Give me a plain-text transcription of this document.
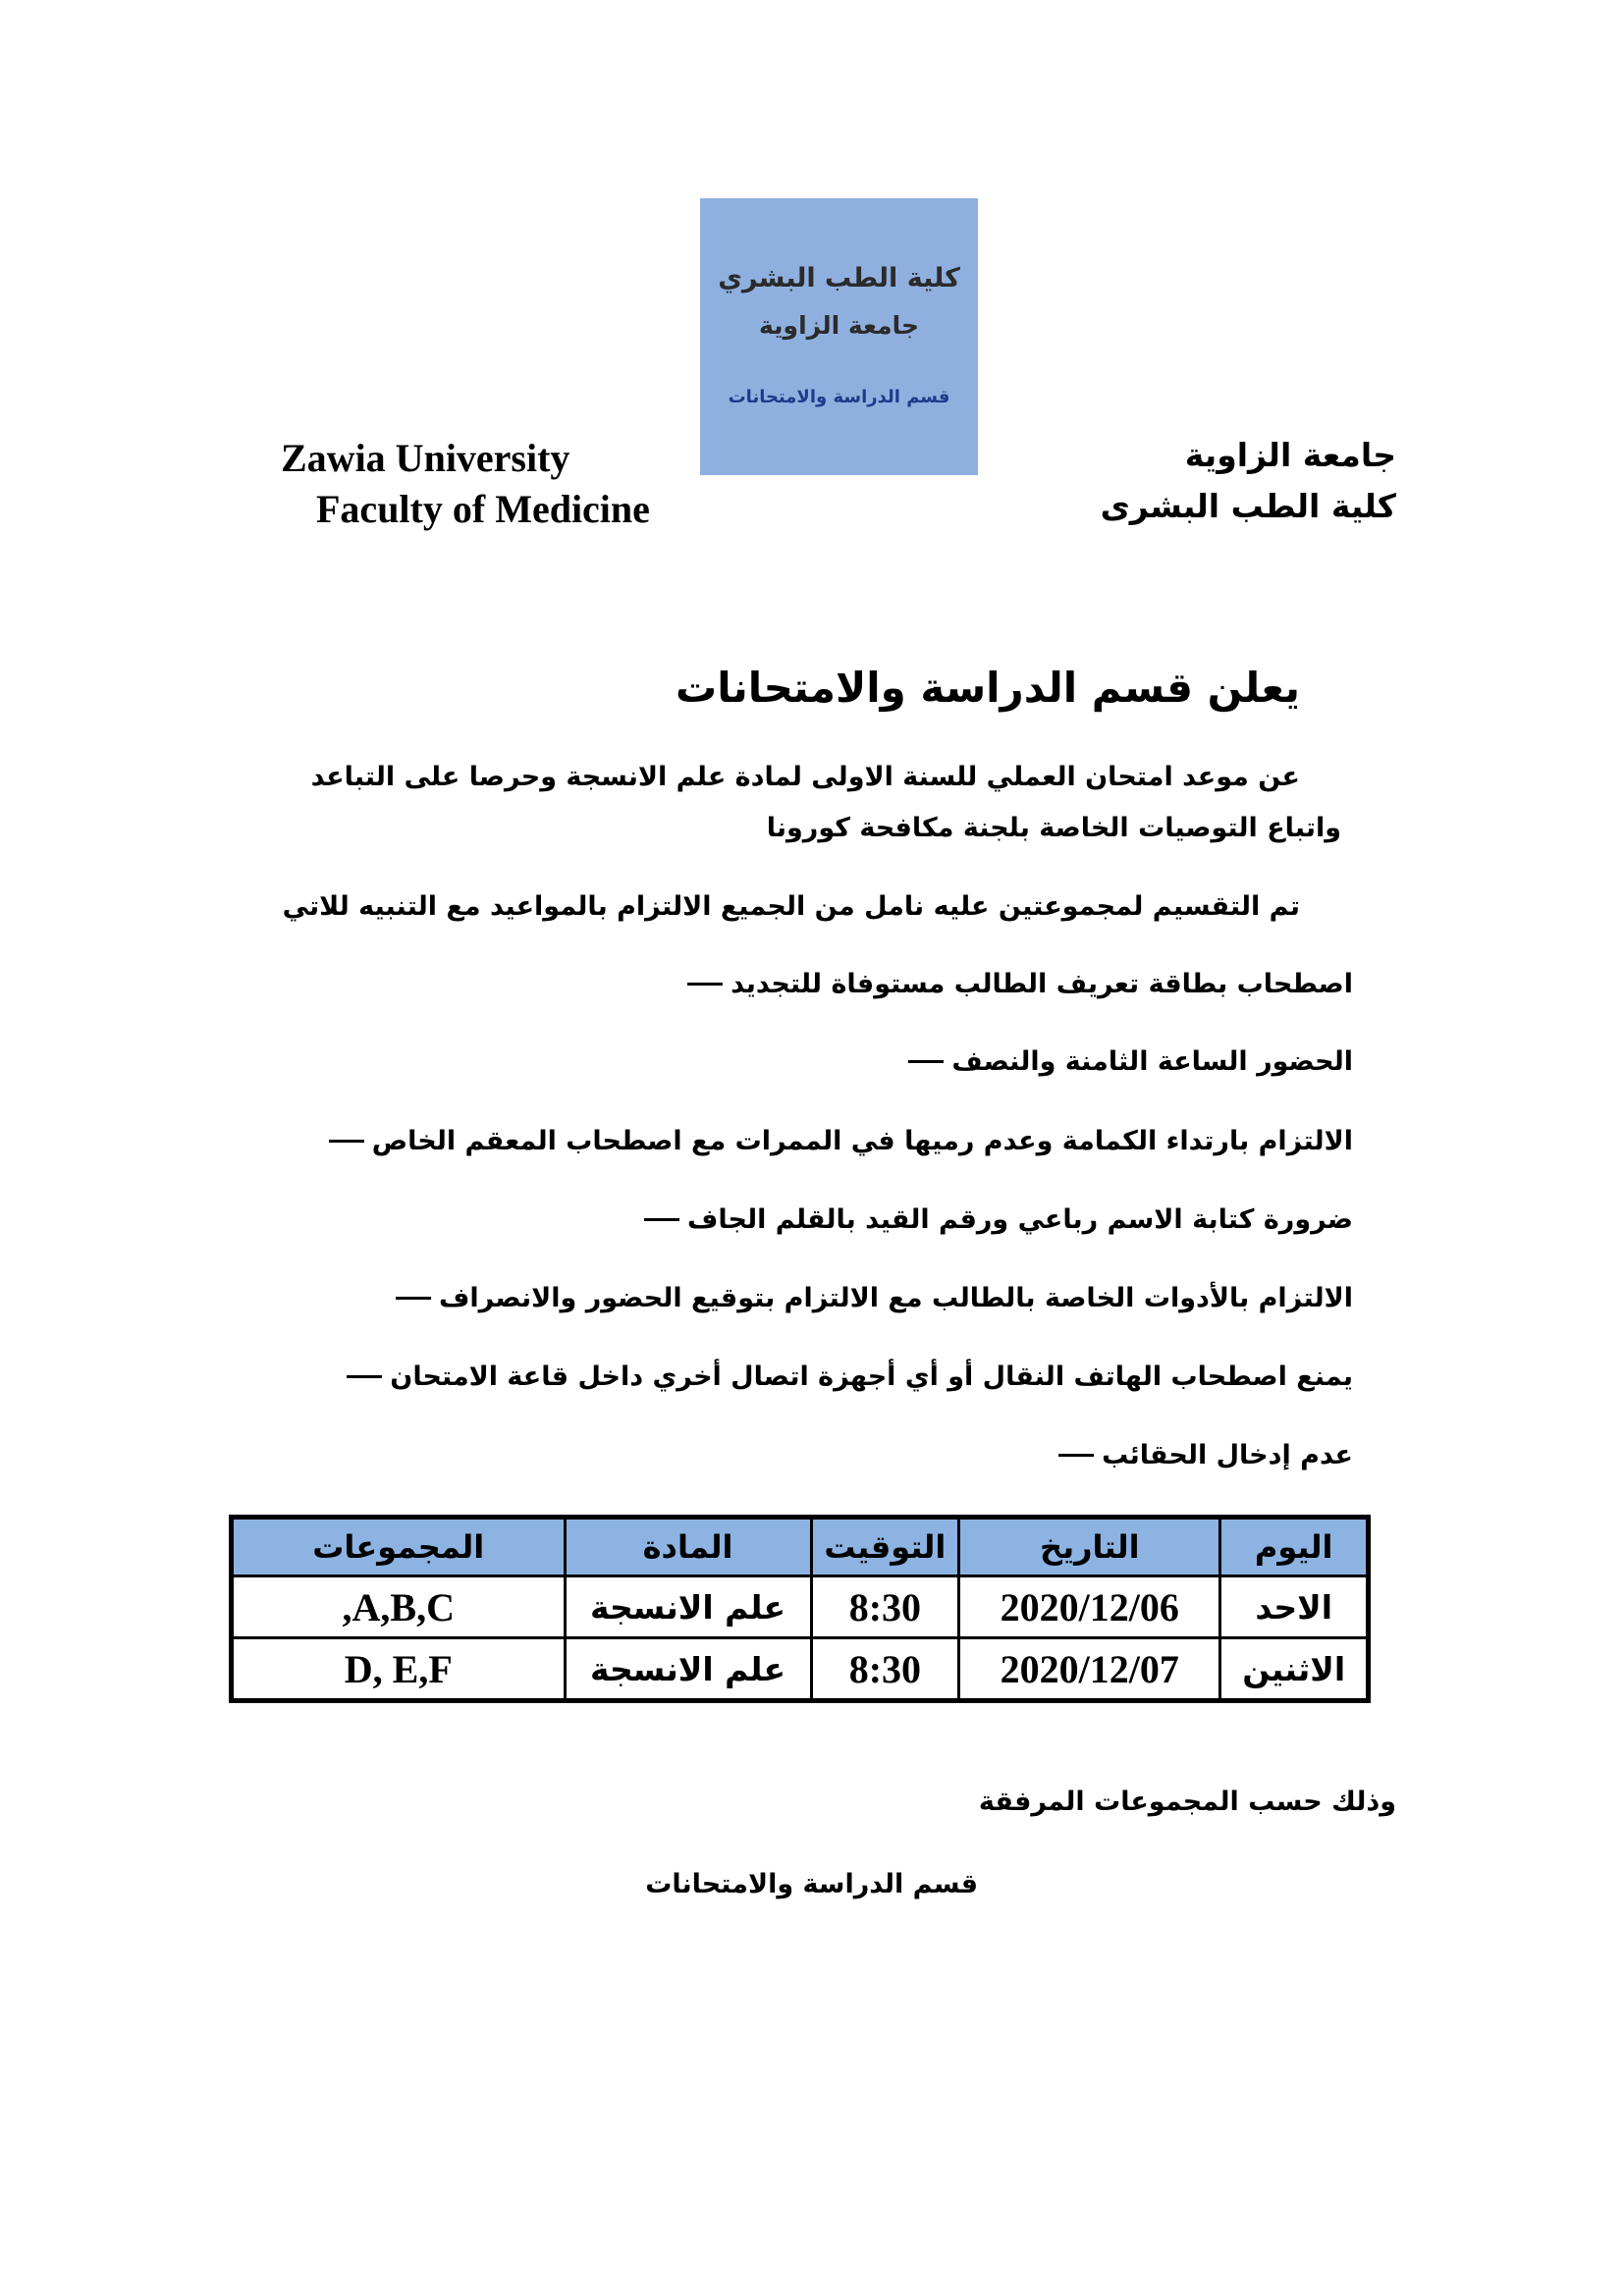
كلية الطب البشري
جامعة الزاوية
قسم الدراسة والامتحانات
Zawia University
Faculty of Medicine
جامعة الزاوية
كلية الطب البشرى
يعلن قسم الدراسة والامتحانات
عن موعد امتحان العملي للسنة الاولى لمادة علم الانسجة وحرصا على التباعد
واتباع التوصيات الخاصة بلجنة مكافحة كورونا
تم التقسيم لمجموعتين عليه نامل من الجميع الالتزام بالمواعيد مع التنبيه للاتي
اصطحاب بطاقة تعريف الطالب مستوفاة للتجديد
الحضور الساعة الثامنة والنصف
الالتزام بارتداء الكمامة وعدم رميها في الممرات مع اصطحاب المعقم الخاص
ضرورة كتابة الاسم رباعي ورقم القيد بالقلم الجاف
الالتزام بالأدوات الخاصة بالطالب مع الالتزام بتوقيع الحضور والانصراف
يمنع اصطحاب الهاتف النقال أو أي أجهزة اتصال أخري داخل قاعة الامتحان
عدم إدخال الحقائب
اليوم	التاريخ	التوقيت	المادة	المجموعات
الاحد	2020/12/06	8:30	علم الانسجة	A,B,C,
الاثنين	2020/12/07	8:30	علم الانسجة	D, E,F
وذلك حسب المجموعات المرفقة
قسم الدراسة والامتحانات
